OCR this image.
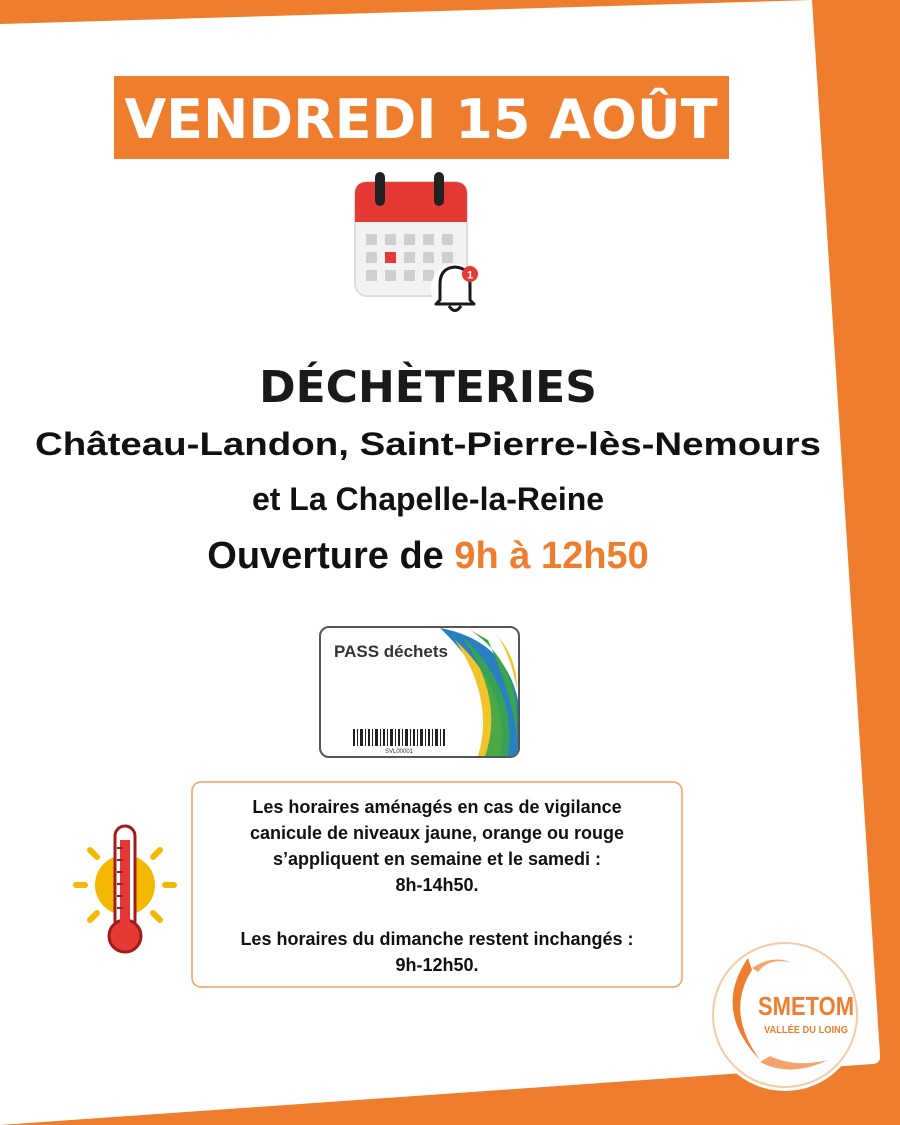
VENDREDI 15 AOÛT
1
DÉCHÈTERIES
Château-Landon, Saint-Pierre-lès-Nemours
et La Chapelle-la-Reine
Ouverture de 9h à 12h50
PASS déchets
SVL00001
Les horaires aménagés en cas de vigilance
canicule de niveaux jaune, orange ou rouge
s’appliquent en semaine et le samedi :
8h-14h50.
Les horaires du dimanche restent inchangés :
9h-12h50.
SMETOM
VALLÉE DU LOING
